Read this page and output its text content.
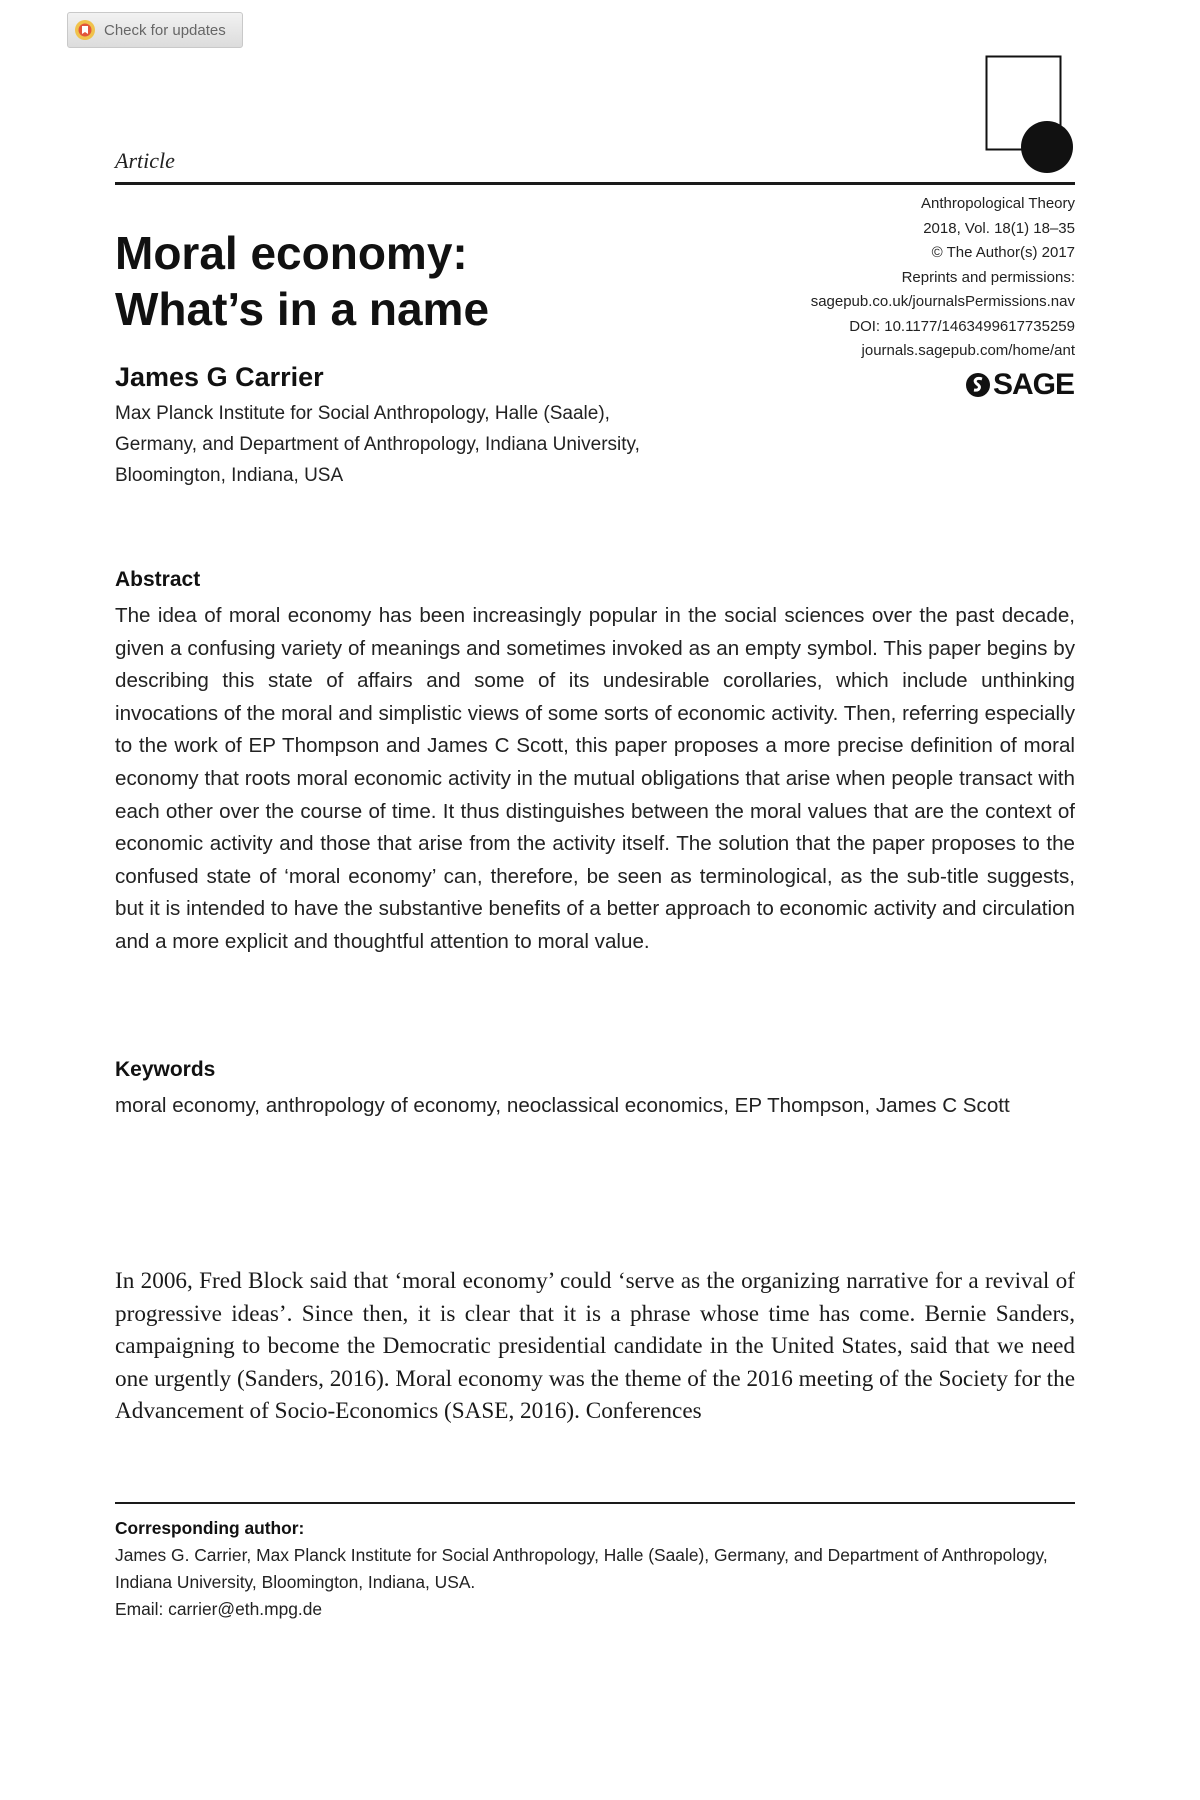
Check for updates
Article
Moral economy:
What’s in a name
Anthropological Theory
2018, Vol. 18(1) 18–35
© The Author(s) 2017
Reprints and permissions:
sagepub.co.uk/journalsPermissions.nav
DOI: 10.1177/1463499617735259
journals.sagepub.com/home/ant
SAGE
James G Carrier
Max Planck Institute for Social Anthropology, Halle (Saale),
Germany, and Department of Anthropology, Indiana University,
Bloomington, Indiana, USA
Abstract
The idea of moral economy has been increasingly popular in the social sciences over the past decade, given a confusing variety of meanings and sometimes invoked as an empty symbol. This paper begins by describing this state of affairs and some of its undesirable corollaries, which include unthinking invocations of the moral and simplistic views of some sorts of economic activity. Then, referring especially to the work of EP Thompson and James C Scott, this paper proposes a more precise definition of moral economy that roots moral economic activity in the mutual obligations that arise when people transact with each other over the course of time. It thus distinguishes between the moral values that are the context of economic activity and those that arise from the activity itself. The solution that the paper proposes to the confused state of ‘moral economy’ can, therefore, be seen as terminological, as the sub-title suggests, but it is intended to have the substantive benefits of a better approach to economic activity and circulation and a more explicit and thoughtful attention to moral value.
Keywords
moral economy, anthropology of economy, neoclassical economics, EP Thompson, James C Scott
In 2006, Fred Block said that ‘moral economy’ could ‘serve as the organizing narrative for a revival of progressive ideas’. Since then, it is clear that it is a phrase whose time has come. Bernie Sanders, campaigning to become the Democratic presidential candidate in the United States, said that we need one urgently (Sanders, 2016). Moral economy was the theme of the 2016 meeting of the Society for the Advancement of Socio-Economics (SASE, 2016). Conferences
Corresponding author:
James G. Carrier, Max Planck Institute for Social Anthropology, Halle (Saale), Germany, and Department of Anthropology, Indiana University, Bloomington, Indiana, USA.
Email: carrier@eth.mpg.de
